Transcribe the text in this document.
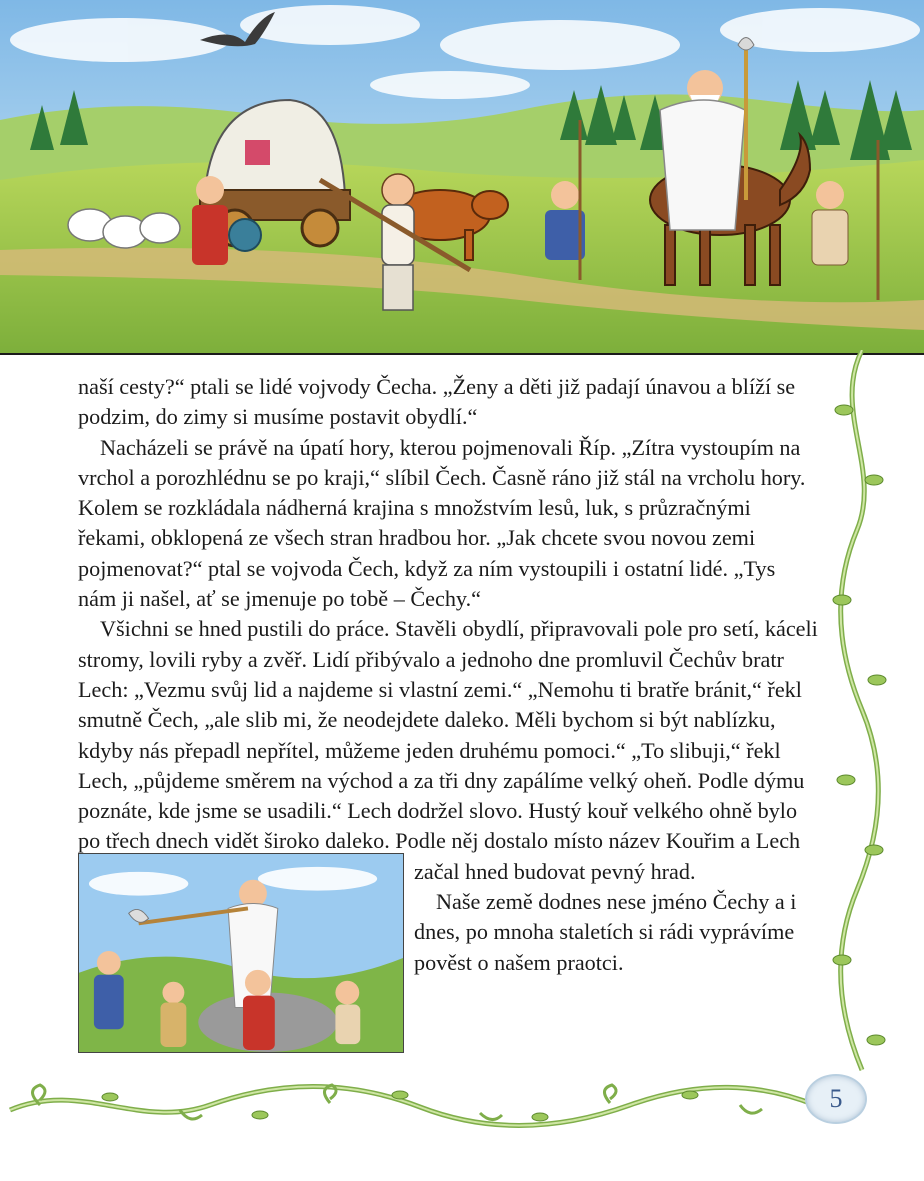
naší cesty?“ ptali se lidé vojvody Čecha. „Ženy a děti již padají únavou a blíží se podzim, do zimy si musíme postavit obydlí.“

Nacházeli se právě na úpatí hory, kterou pojmenovali Říp. „Zítra vystoupím na vrchol a porozhlédnu se po kraji,“ slíbil Čech. Časně ráno již stál na vrcholu hory. Kolem se rozkládala nádherná krajina s množstvím lesů, luk, s průzračnými řekami, obklopená ze všech stran hradbou hor. „Jak chcete svou novou zemi pojmenovat?“ ptal se vojvoda Čech, když za ním vystoupili i ostatní lidé. „Tys nám ji našel, ať se jmenuje po tobě – Čechy.“

Všichni se hned pustili do práce. Stavěli obydlí, připravovali pole pro setí, káceli stromy, lovili ryby a zvěř. Lidí přibývalo a jednoho dne promluvil Čechův bratr Lech: „Vezmu svůj lid a najdeme si vlastní zemi.“ „Nemohu ti bratře bránit,“ řekl smutně Čech, „ale slib mi, že neodejdete daleko. Měli bychom si být nablízku, kdyby nás přepadl nepřítel, můžeme jeden druhému pomoci.“ „To slibuji,“ řekl Lech, „půjdeme směrem na východ a za tři dny zapálíme velký oheň. Podle dýmu poznáte, kde jsme se usadili.“ Lech dodržel slovo. Hustý kouř velkého ohně bylo po třech dnech vidět široko daleko. Podle něj dostalo místo název Kouřim a Lech začal hned budovat pevný hrad.

Naše země dodnes nese jméno Čechy a i dnes, po mnoha staletích si rádi vyprávíme pověst o našem praotci.

5
